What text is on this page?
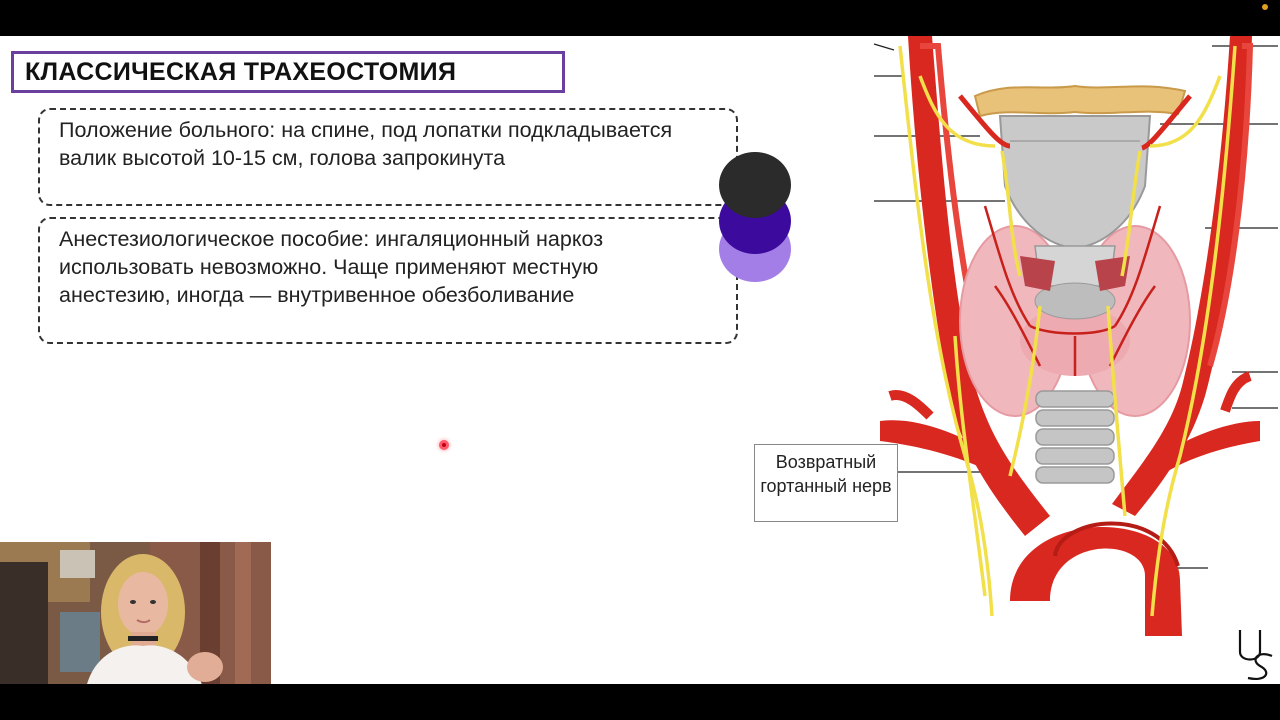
КЛАССИЧЕСКАЯ ТРАХЕОСТОМИЯ
Положение больного: на спине, под лопатки подкладывается валик высотой 10-15 см, голова запрокинута
Анестезиологическое пособие: ингаляционный наркоз использовать невозможно. Чаще применяют местную анестезию, иногда — внутривенное обезболивание
Возвратный гортанный нерв
